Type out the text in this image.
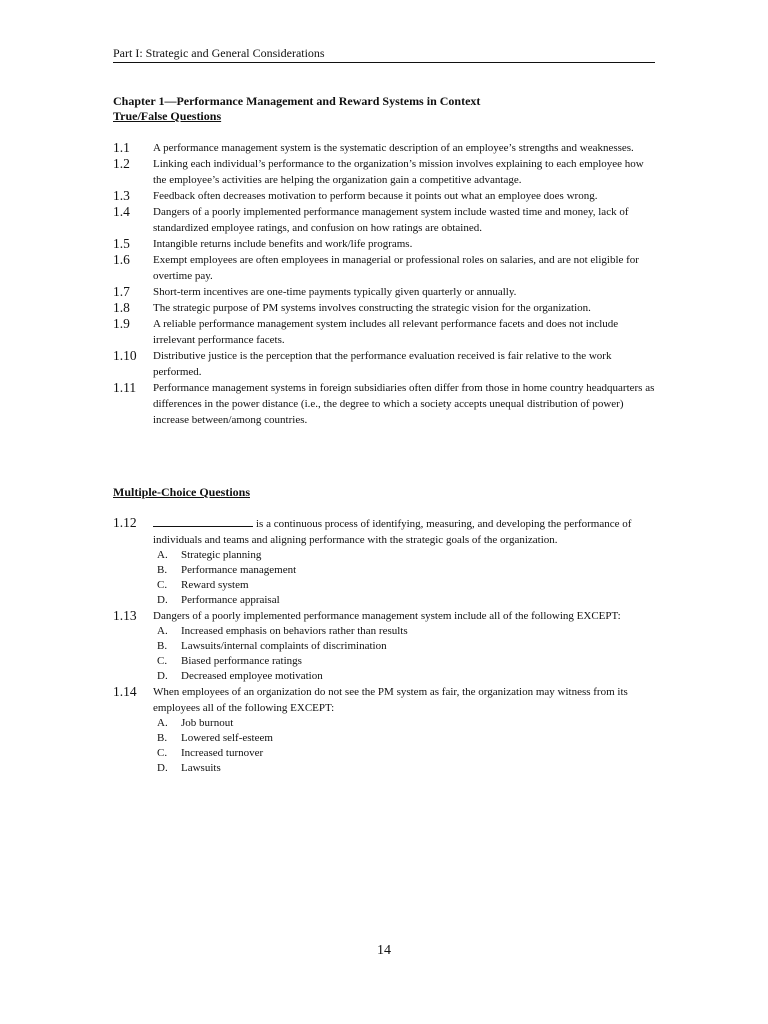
Part I: Strategic and General Considerations
Chapter 1—Performance Management and Reward Systems in Context
True/False Questions
1.1	A performance management system is the systematic description of an employee’s strengths and weaknesses.
1.2	Linking each individual’s performance to the organization’s mission involves explaining to each employee how the employee’s activities are helping the organization gain a competitive advantage.
1.3	Feedback often decreases motivation to perform because it points out what an employee does wrong.
1.4	Dangers of a poorly implemented performance management system include wasted time and money, lack of standardized employee ratings, and confusion on how ratings are obtained.
1.5	Intangible returns include benefits and work/life programs.
1.6	Exempt employees are often employees in managerial or professional roles on salaries, and are not eligible for overtime pay.
1.7	Short-term incentives are one-time payments typically given quarterly or annually.
1.8	The strategic purpose of PM systems involves constructing the strategic vision for the organization.
1.9	A reliable performance management system includes all relevant performance facets and does not include irrelevant performance facets.
1.10	Distributive justice is the perception that the performance evaluation received is fair relative to the work performed.
1.11	Performance management systems in foreign subsidiaries often differ from those in home country headquarters as differences in the power distance (i.e., the degree to which a society accepts unequal distribution of power) increase between/among countries.
Multiple-Choice Questions
1.12	is a continuous process of identifying, measuring, and developing the performance of individuals and teams and aligning performance with the strategic goals of the organization.
A.	Strategic planning
B.	Performance management
C.	Reward system
D.	Performance appraisal
1.13	Dangers of a poorly implemented performance management system include all of the following EXCEPT:
A.	Increased emphasis on behaviors rather than results
B.	Lawsuits/internal complaints of discrimination
C.	Biased performance ratings
D.	Decreased employee motivation
1.14	When employees of an organization do not see the PM system as fair, the organization may witness from its employees all of the following EXCEPT:
A.	Job burnout
B.	Lowered self-esteem
C.	Increased turnover
D.	Lawsuits
14
